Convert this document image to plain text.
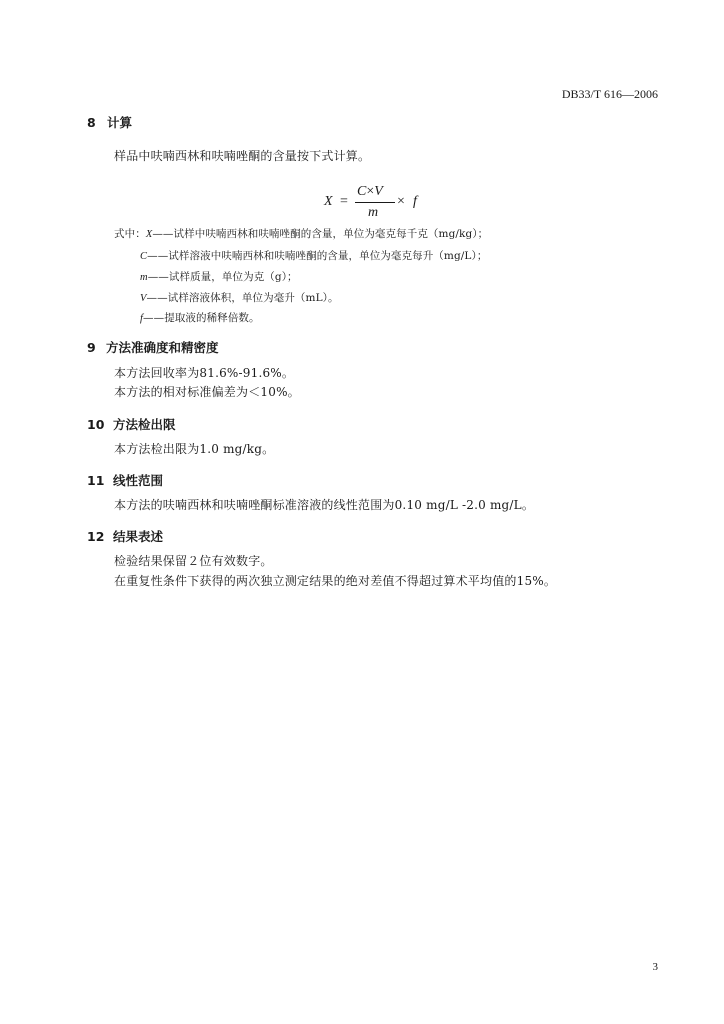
DB33/T 616—2006
8 计算
样品中呋喃西林和呋喃唑酮的含量按下式计算。
X =
C×V
m
× f
式中：X——试样中呋喃西林和呋喃唑酮的含量，单位为毫克每千克（mg/kg）；
C——试样溶液中呋喃西林和呋喃唑酮的含量，单位为毫克每升（mg/L）；
m——试样质量，单位为克（g）；
V——试样溶液体积，单位为毫升（mL）。
f——提取液的稀释倍数。
9 方法准确度和精密度
本方法回收率为81.6%-91.6%。
本方法的相对标准偏差为＜10%。
10 方法检出限
本方法检出限为1.0 mg/kg。
11 线性范围
本方法的呋喃西林和呋喃唑酮标准溶液的线性范围为0.10 mg/L -2.0 mg/L。
12 结果表述
检验结果保留２位有效数字。
在重复性条件下获得的两次独立测定结果的绝对差值不得超过算术平均值的15%。
3
